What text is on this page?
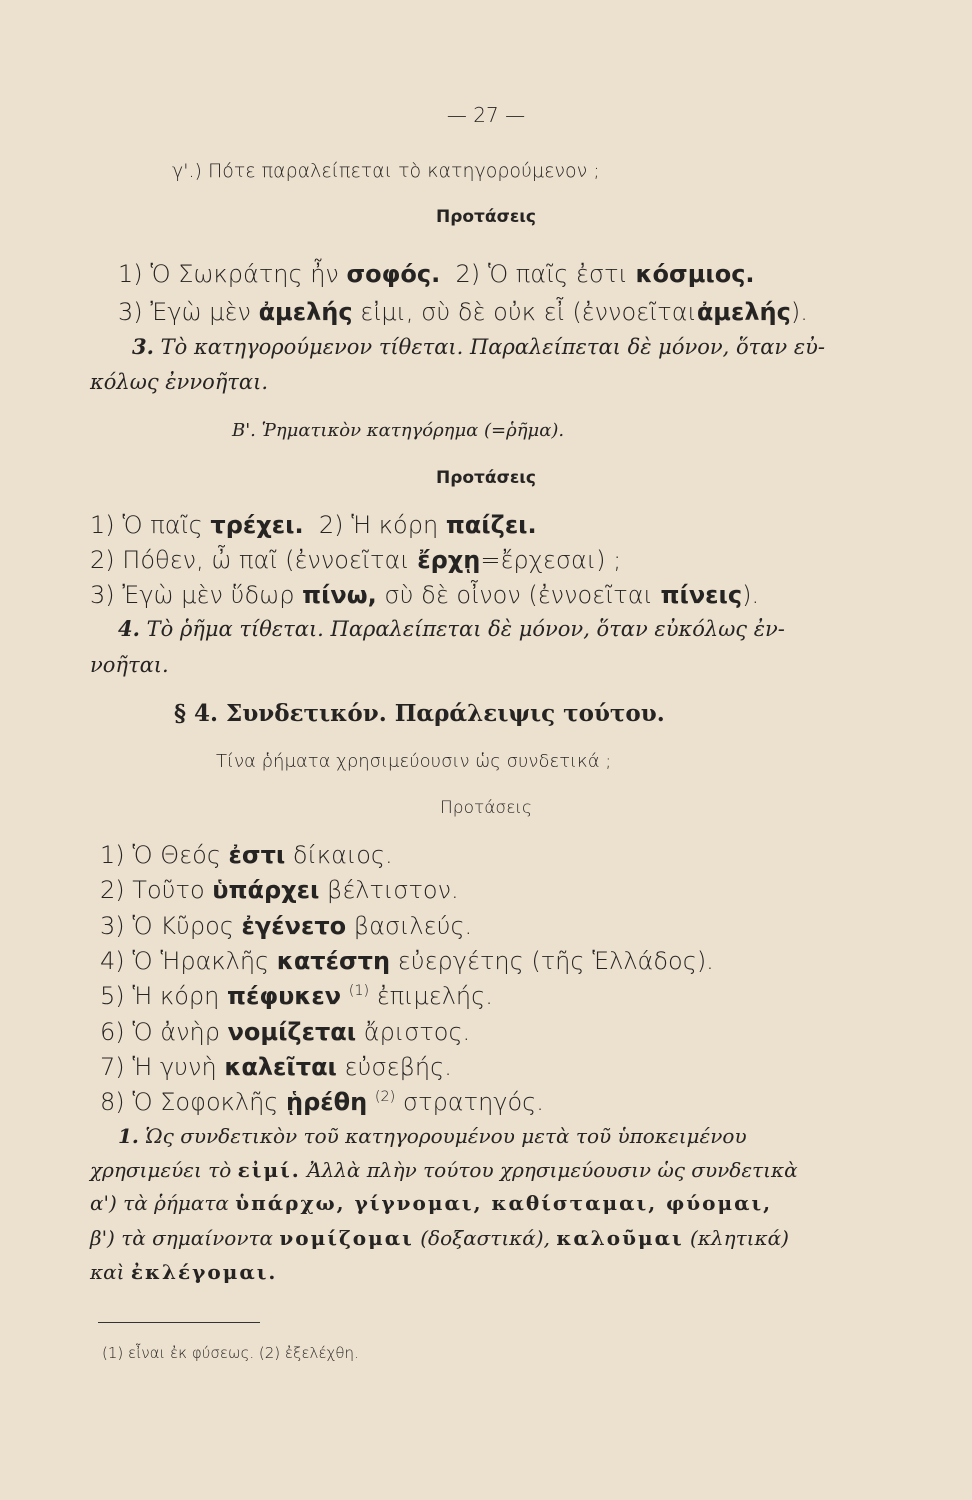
— 27 —
γ'.) Πότε παραλείπεται τὸ κατηγορούμενον ;
Προτάσεις
1) Ὁ Σωκράτης ἦν σοφός. 2) Ὁ παῖς ἐστι κόσμιος.
3) Ἐγὼ μὲν ἀμελής εἰμι, σὺ δὲ οὐκ εἶ (ἐννοεῖταιἀμελής).
3. Τὸ κατηγορούμενον τίθεται. Παραλείπεται δὲ μόνον, ὅταν εὐ-
κόλως ἐννοῆται.
Β'. Ῥηματικὸν κατηγόρημα (=ῥῆμα).
Προτάσεις
1) Ὁ παῖς τρέχει. 2) Ἡ κόρη παίζει.
2) Πόθεν, ὦ παῖ (ἐννοεῖται ἔρχῃ=ἔρχεσαι) ;
3) Ἐγὼ μὲν ὕδωρ πίνω, σὺ δὲ οἶνον (ἐννοεῖται πίνεις).
4. Τὸ ῥῆμα τίθεται. Παραλείπεται δὲ μόνον, ὅταν εὐκόλως ἐν-
νοῆται.
§ 4. Συνδετικόν. Παράλειψις τούτου.
Τίνα ῥήματα χρησιμεύουσιν ὡς συνδετικά ;
Προτάσεις
1) Ὁ Θεός ἐστι δίκαιος.
2) Τοῦτο ὑπάρχει βέλτιστον.
3) Ὁ Κῦρος ἐγένετο βασιλεύς.
4) Ὁ Ἡρακλῆς κατέστη εὐεργέτης (τῆς Ἑλλάδος).
5) Ἡ κόρη πέφυκεν $^{(1)}$ ἐπιμελής.
6) Ὁ ἀνὴρ νομίζεται ἄριστος.
7) Ἡ γυνὴ καλεῖται εὐσεβής.
8) Ὁ Σοφοκλῆς ᾑρέθη $^{(2)}$ στρατηγός.
1. Ὡς συνδετικὸν τοῦ κατηγορουμένου μετὰ τοῦ ὑποκειμένου
χρησιμεύει τὸ εἰμί. Ἀλλὰ πλὴν τούτου χρησιμεύουσιν ὡς συνδετικὰ
α') τὰ ῥήματα ὑπάρχω, γίγνομαι, καθίσταμαι, φύομαι,
β') τὰ σημαίνοντα νομίζομαι (δοξαστικά), καλοῦμαι (κλητικά)
καὶ ἐκλέγομαι.
(1) εἶναι ἐκ φύσεως. (2) ἐξελέχθη.
